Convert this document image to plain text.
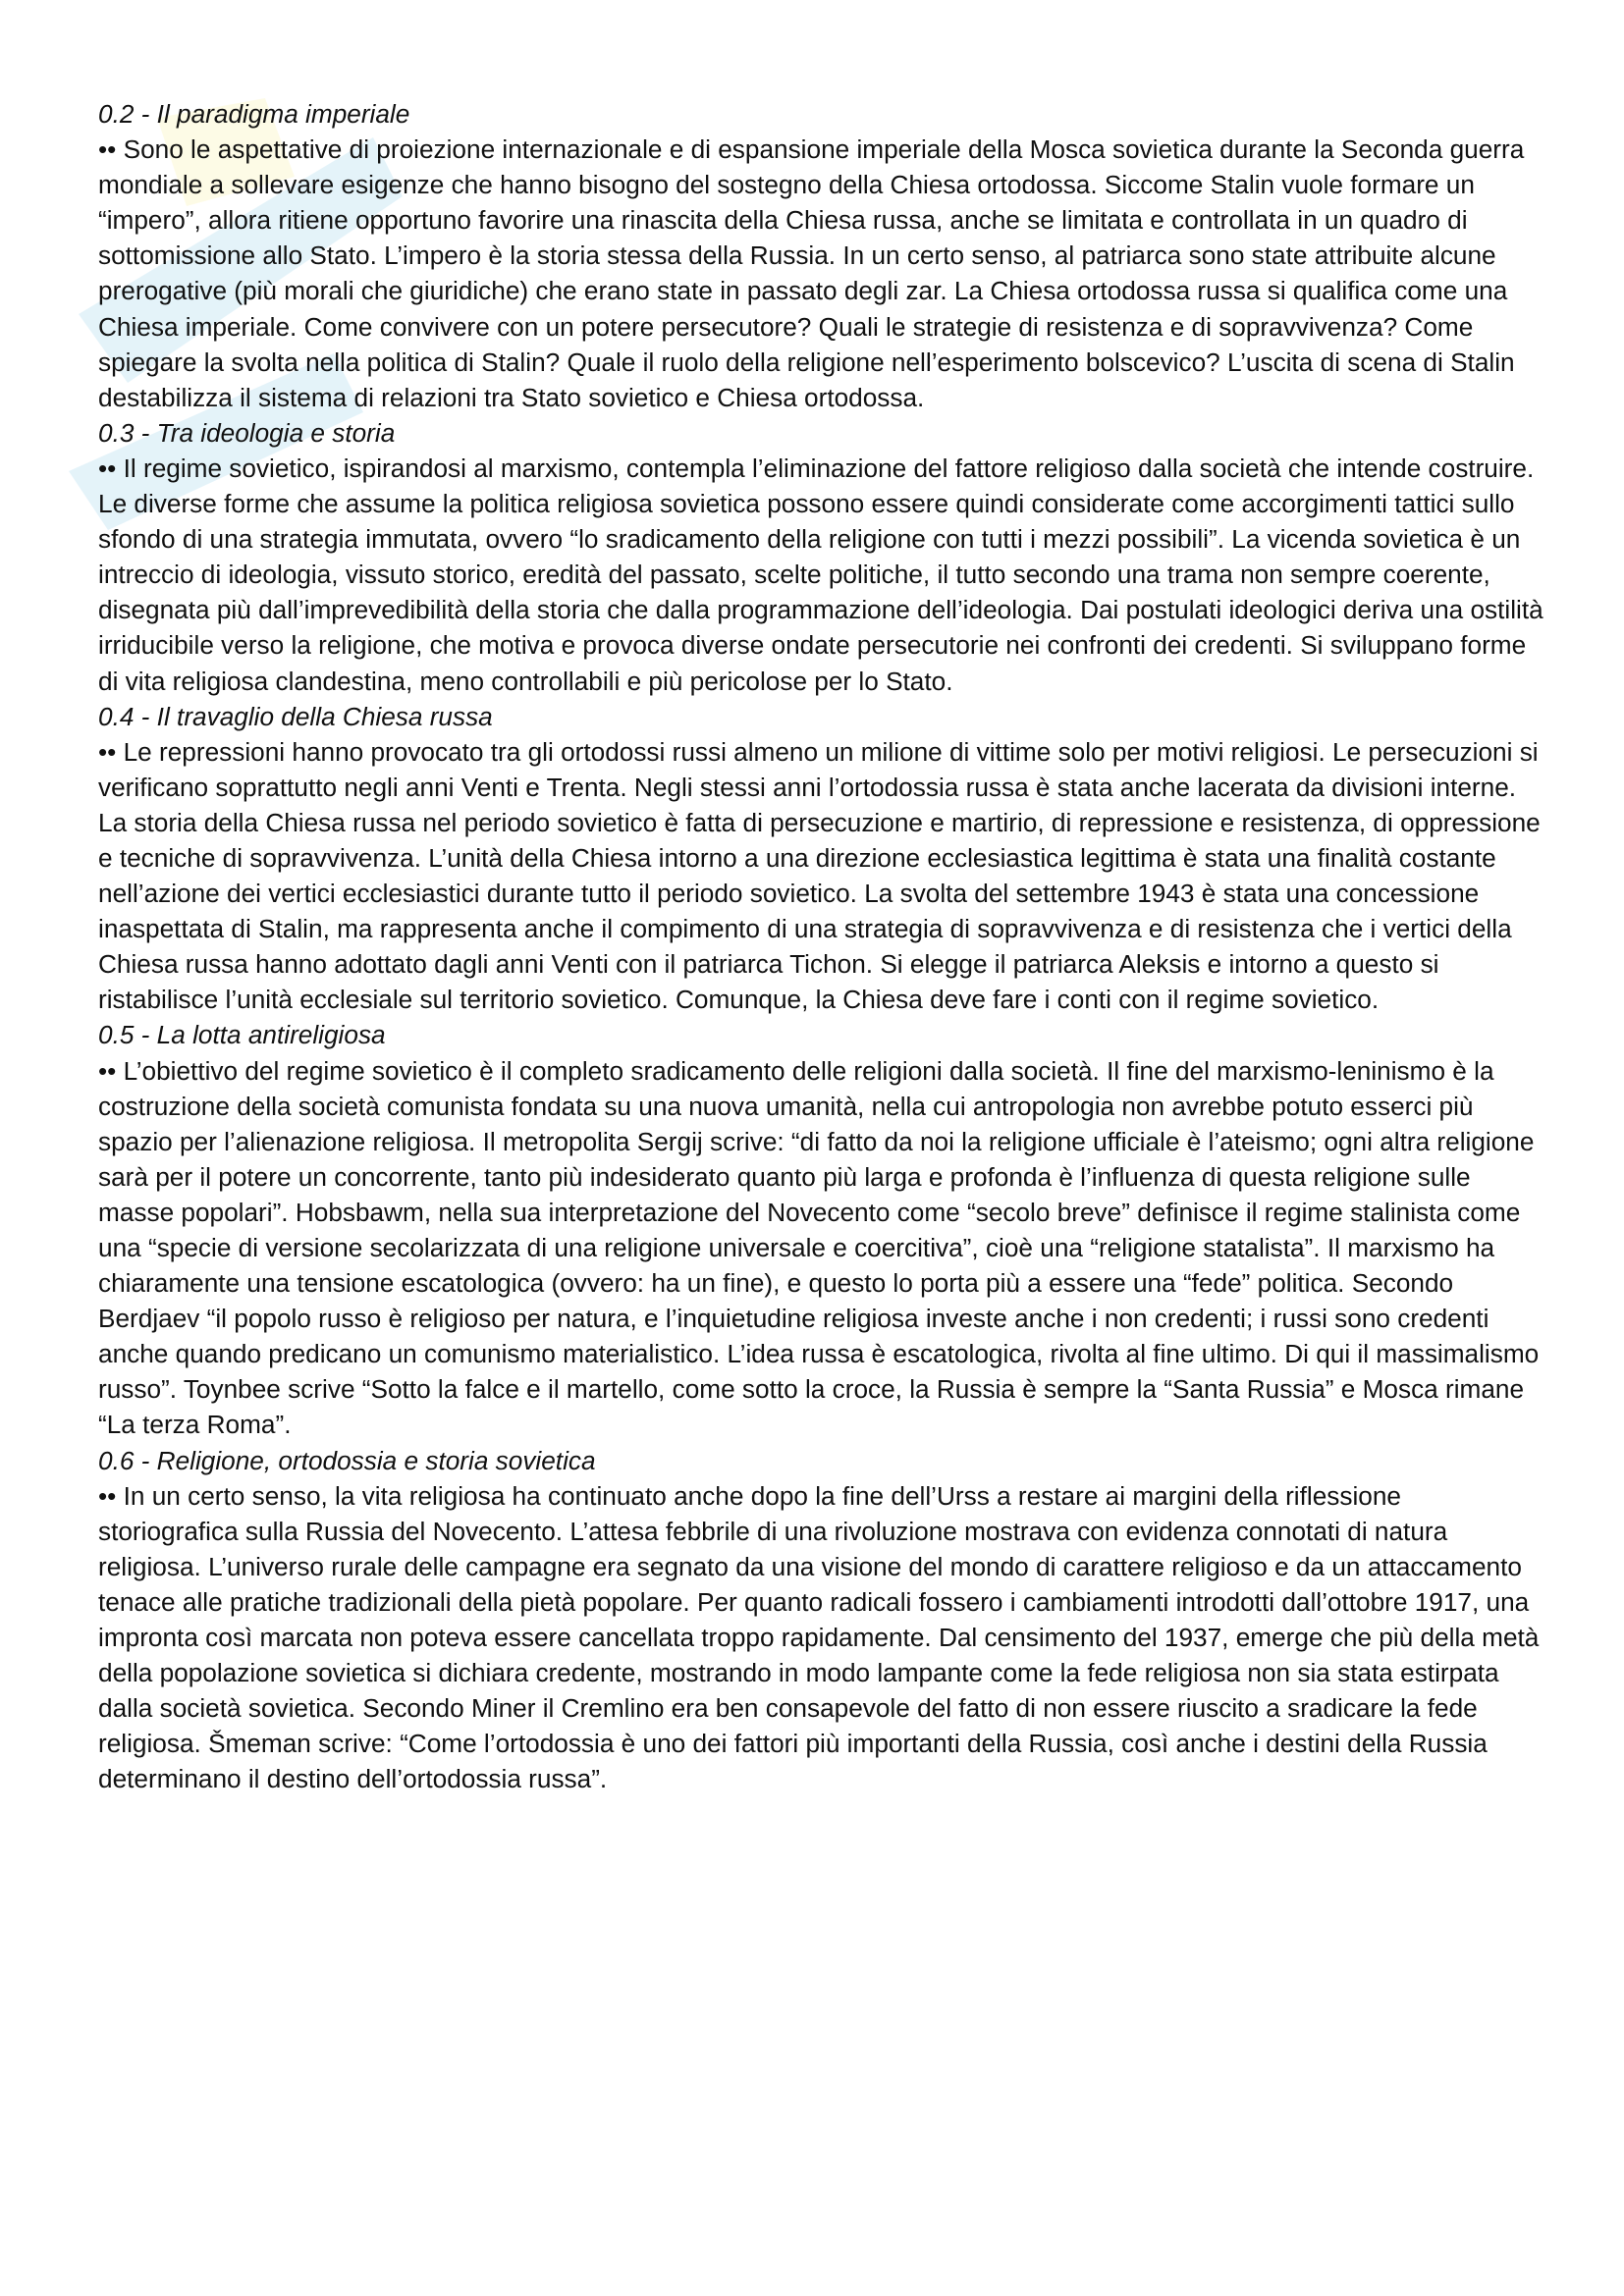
0.2 - Il paradigma imperiale

•• Sono le aspettative di proiezione internazionale e di espansione imperiale della Mosca sovietica durante la Seconda guerra mondiale a sollevare esigenze che hanno bisogno del sostegno della Chiesa ortodossa. Siccome Stalin vuole formare un “impero”, allora ritiene opportuno favorire una rinascita della Chiesa russa, anche se limitata e controllata in un quadro di sottomissione allo Stato. L’impero è la storia stessa della Russia. In un certo senso, al patriarca sono state attribuite alcune prerogative (più morali che giuridiche) che erano state in passato degli zar. La Chiesa ortodossa russa si qualifica come una Chiesa imperiale. Come convivere con un potere persecutore? Quali le strategie di resistenza e di sopravvivenza? Come spiegare la svolta nella politica di Stalin? Quale il ruolo della religione nell’esperimento bolscevico? L’uscita di scena di Stalin destabilizza il sistema di relazioni tra Stato sovietico e Chiesa ortodossa.

0.3 - Tra ideologia e storia

•• Il regime sovietico, ispirandosi al marxismo, contempla l’eliminazione del fattore religioso dalla società che intende costruire. Le diverse forme che assume la politica religiosa sovietica possono essere quindi considerate come accorgimenti tattici sullo sfondo di una strategia immutata, ovvero “lo sradicamento della religione con tutti i mezzi possibili”. La vicenda sovietica è un intreccio di ideologia, vissuto storico, eredità del passato, scelte politiche, il tutto secondo una trama non sempre coerente, disegnata più dall’imprevedibilità della storia che dalla programmazione dell’ideologia. Dai postulati ideologici deriva una ostilità irriducibile verso la religione, che motiva e provoca diverse ondate persecutorie nei confronti dei credenti. Si sviluppano forme di vita religiosa clandestina, meno controllabili e più pericolose per lo Stato.

0.4 - Il travaglio della Chiesa russa

•• Le repressioni hanno provocato tra gli ortodossi russi almeno un milione di vittime solo per motivi religiosi. Le persecuzioni si verificano soprattutto negli anni Venti e Trenta. Negli stessi anni l’ortodossia russa è stata anche lacerata da divisioni interne. La storia della Chiesa russa nel periodo sovietico è fatta di persecuzione e martirio, di repressione e resistenza, di oppressione e tecniche di sopravvivenza. L’unità della Chiesa intorno a una direzione ecclesiastica legittima è stata una finalità costante nell’azione dei vertici ecclesiastici durante tutto il periodo sovietico. La svolta del settembre 1943 è stata una concessione inaspettata di Stalin, ma rappresenta anche il compimento di una strategia di sopravvivenza e di resistenza che i vertici della Chiesa russa hanno adottato dagli anni Venti con il patriarca Tichon. Si elegge il patriarca Aleksis e intorno a questo si ristabilisce l’unità ecclesiale sul territorio sovietico. Comunque, la Chiesa deve fare i conti con il regime sovietico.

0.5 - La lotta antireligiosa

•• L’obiettivo del regime sovietico è il completo sradicamento delle religioni dalla società. Il fine del marxismo-leninismo è la costruzione della società comunista fondata su una nuova umanità, nella cui antropologia non avrebbe potuto esserci più spazio per l’alienazione religiosa. Il metropolita Sergij scrive: “di fatto da noi la religione ufficiale è l’ateismo; ogni altra religione sarà per il potere un concorrente, tanto più indesiderato quanto più larga e profonda è l’influenza di questa religione sulle masse popolari”. Hobsbawm, nella sua interpretazione del Novecento come “secolo breve” definisce il regime stalinista come una “specie di versione secolarizzata di una religione universale e coercitiva”, cioè una “religione statalista”. Il marxismo ha chiaramente una tensione escatologica (ovvero: ha un fine), e questo lo porta più a essere una “fede” politica. Secondo Berdjaev “il popolo russo è religioso per natura, e l’inquietudine religiosa investe anche i non credenti; i russi sono credenti anche quando predicano un comunismo materialistico. L’idea russa è escatologica, rivolta al fine ultimo. Di qui il massimalismo russo”. Toynbee scrive “Sotto la falce e il martello, come sotto la croce, la Russia è sempre la “Santa Russia” e Mosca rimane “La terza Roma”.

0.6 - Religione, ortodossia e storia sovietica

•• In un certo senso, la vita religiosa ha continuato anche dopo la fine dell’Urss a restare ai margini della riflessione storiografica sulla Russia del Novecento. L’attesa febbrile di una rivoluzione mostrava con evidenza connotati di natura religiosa. L’universo rurale delle campagne era segnato da una visione del mondo di carattere religioso e da un attaccamento tenace alle pratiche tradizionali della pietà popolare. Per quanto radicali fossero i cambiamenti introdotti dall’ottobre 1917, una impronta così marcata non poteva essere cancellata troppo rapidamente. Dal censimento del 1937, emerge che più della metà della popolazione sovietica si dichiara credente, mostrando in modo lampante come la fede religiosa non sia stata estirpata dalla società sovietica. Secondo Miner il Cremlino era ben consapevole del fatto di non essere riuscito a sradicare la fede religiosa. Šmeman scrive: “Come l’ortodossia è uno dei fattori più importanti della Russia, così anche i destini della Russia determinano il destino dell’ortodossia russa”.
